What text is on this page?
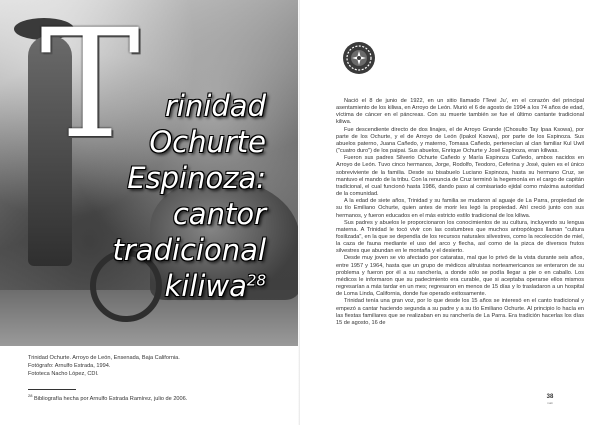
T rinidad
Ochurte
Espinoza:
cantor
tradicional
kiliwa$^{28}$
Trinidad Ochurte. Arroyo de León, Ensenada, Baja California.
Fotógrafo: Arnulfo Estrada, 1994.
Fototeca Nacho López, CDI.
$^{28}$ Bibliografía hecha por Arnulfo Estrada Ramírez, julio de 2006.

Nació el 8 de junio de 1922, en un sitio llamado l'Tewi Ju', en el corazón del principal asentamiento de los kiliwa, en Arroyo de León. Murió el 6 de agosto de 1994 a los 74 años de edad, víctima de cáncer en el páncreas. Con su muerte también se fue el último cantante tradicional kiliwa.

Fue descendiente directo de dos linajes, el de Arroyo Grande (Chosulto Tay Ipaa Ksowa), por parte de los Ochurte, y el de Arroyo de León (Ipakol Ksowa), por parte de los Espinoza. Sus abuelos paterno, Juana Cañedo, y materno, Tomasa Cañedo, pertenecían al clan familiar Kul Uwil ("cuatro duro") de los paipai. Sus abuelos, Enrique Ochurte y José Espinoza, eran kiliwas.

Fueron sus padres Silverio Ochurte Cañedo y María Espinoza Cañedo, ambos nacidos en Arroyo de León. Tuvo cinco hermanos, Jorge, Rodolfo, Teodoro, Ceferina y José, quien es el único sobreviviente de la familia. Desde su bisabuelo Luciano Espinoza, hasta su hermano Cruz, se mantuvo el mando de la tribu. Con la renuncia de Cruz terminó la hegemonía en el cargo de capitán tradicional, el cual funcionó hasta 1986, dando paso al comisariado ejidal como máxima autoridad de la comunidad.

A la edad de siete años, Trinidad y su familia se mudaron al aguaje de La Parra, propiedad de su tío Emiliano Ochurte, quien antes de morir les legó la propiedad. Ahí creció junto con sus hermanos, y fueron educados en el más estricto estilo tradicional de los kiliwa.

Sus padres y abuelos le proporcionaron los conocimientos de su cultura, incluyendo su lengua materna. A Trinidad le tocó vivir con las costumbres que muchos antropólogos llaman "cultura fosilizada", en la que se dependía de los recursos naturales silvestres, como la recolección de miel, la caza de fauna mediante el uso del arco y flecha, así como de la pizca de diversos frutos silvestres que abundan en le montaña y el desierto.

Desde muy joven se vio afectado por cataratas, mal que lo privó de la vista durante seis años, entre 1957 y 1964, hasta que un grupo de médicos altruistas norteamericanos se enteraron de su problema y fueron por él a su ranchería, a donde sólo se podía llegar a pie o en caballo. Los médicos le informaron que su padecimiento era curable, que si aceptaba operarse ellos mismos regresarían a más tardar en un mes; regresaron en menos de 15 días y lo trasladaron a un hospital de Loma Linda, California, donde fue operado exitosamente.

Trinidad tenía una gran voz, por lo que desde los 15 años se interesó en el canto tradicional y empezó a cantar haciendo segunda a su padre y a su tío Emiliano Ochurte. Al principio lo hacía en las fiestas familiares que se realizaban en su ranchería de La Parra. Era tradición hacerlas los días 15 de agosto, 16 de

38
inali
